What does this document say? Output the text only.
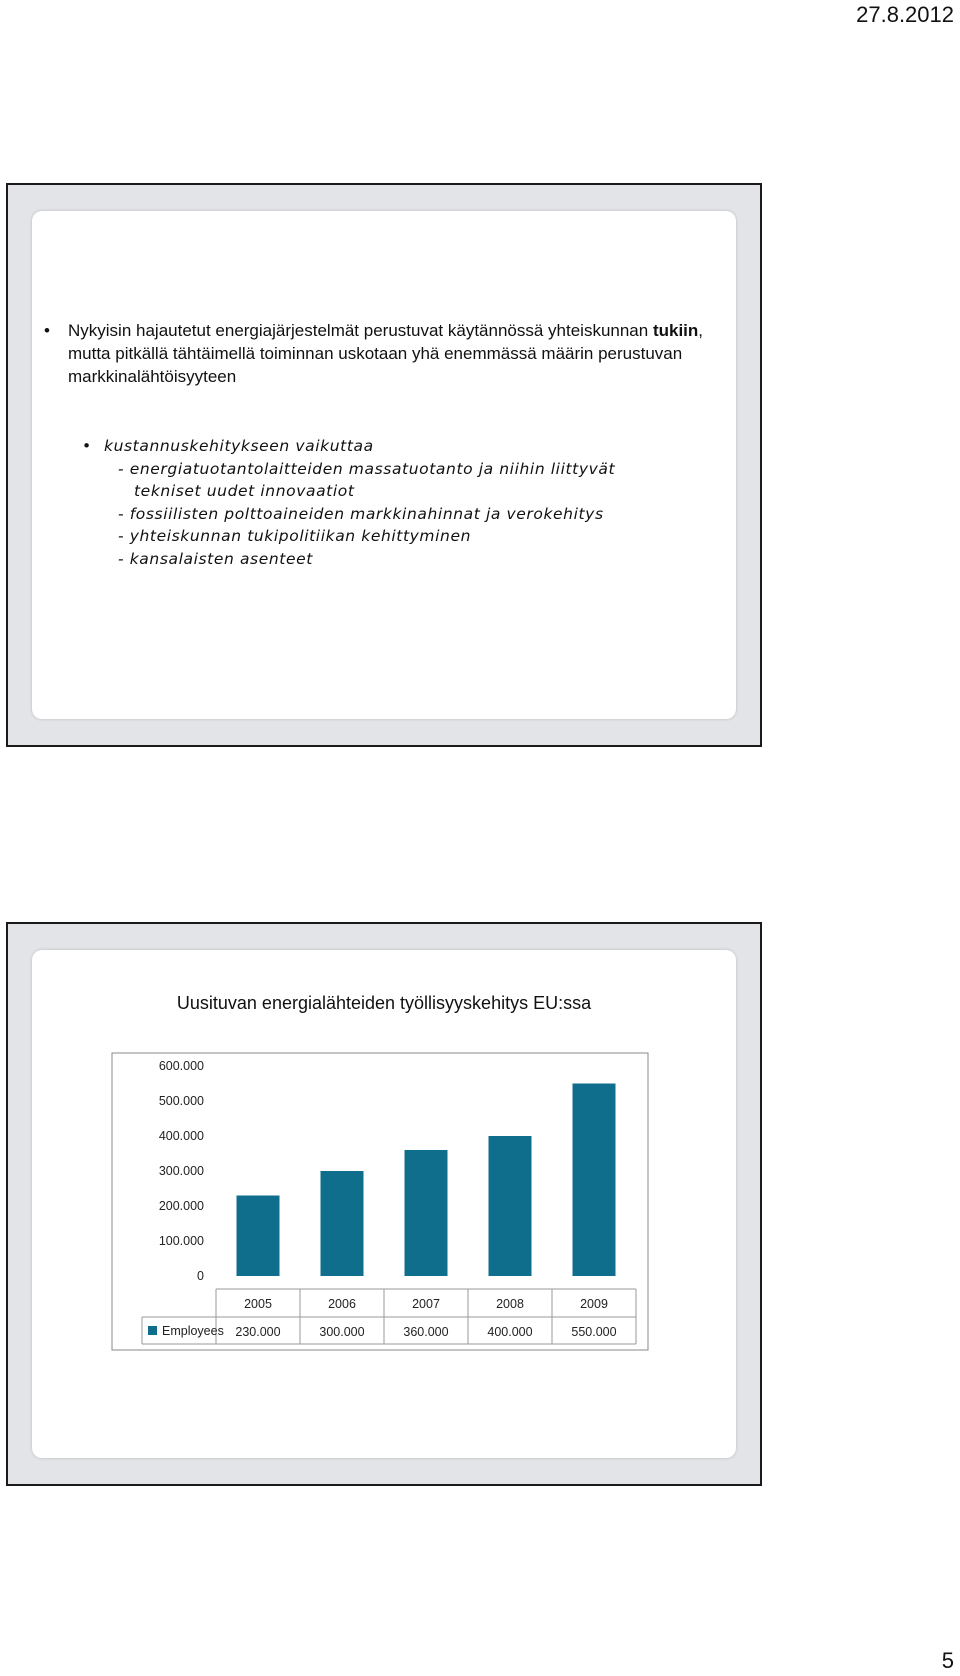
27.8.2012
• Nykyisin hajautetut energiajärjestelmät perustuvat käytännössä yhteiskunnan tukiin, mutta pitkällä tähtäimellä toiminnan uskotaan yhä enemmässä määrin perustuvan markkinalähtöisyyteen
• kustannuskehitykseen vaikuttaa
- energiatuotantolaitteiden massatuotanto ja niihin liittyvät
tekniset uudet innovaatiot
- fossiilisten polttoaineiden markkinahinnat ja verokehitys
- yhteiskunnan tukipolitiikan kehittyminen
- kansalaisten asenteet
Uusituvan energialähteiden työllisyyskehitys EU:ssa
0
100.000
200.000
300.000
400.000
500.000
600.000
2005
230.000
2006
300.000
2007
360.000
2008
400.000
2009
550.000
Employees
5
